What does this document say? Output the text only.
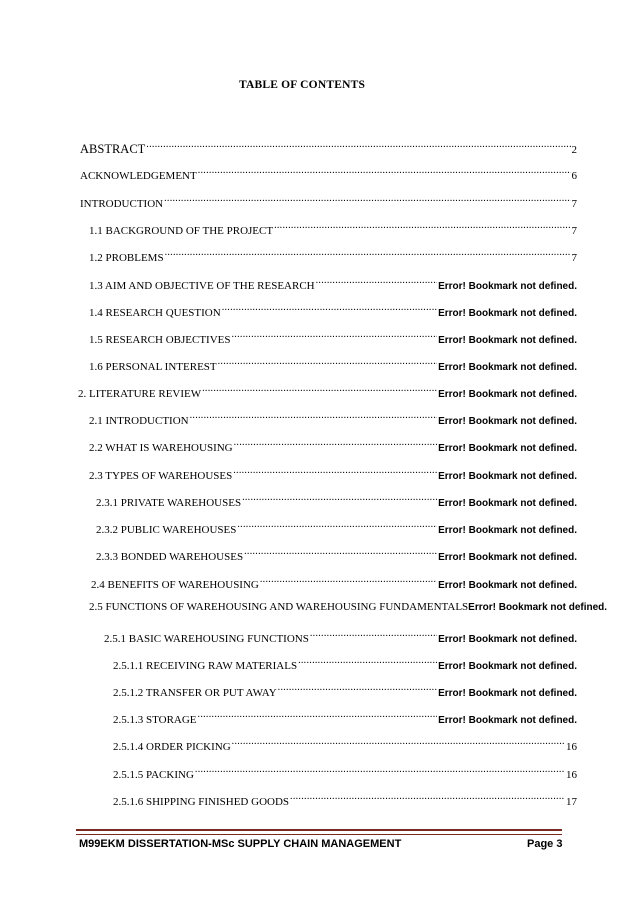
TABLE OF CONTENTS
ABSTRACT .....	2
ACKNOWLEDGEMENT .....	6
INTRODUCTION .....	7
1.1 BACKGROUND OF THE PROJECT .....	7
1.2 PROBLEMS .....	7
1.3 AIM AND OBJECTIVE OF THE RESEARCH .....	Error! Bookmark not defined.
1.4 RESEARCH QUESTION .....	Error! Bookmark not defined.
1.5 RESEARCH OBJECTIVES .....	Error! Bookmark not defined.
1.6 PERSONAL INTEREST .....	Error! Bookmark not defined.
2. LITERATURE REVIEW .....	Error! Bookmark not defined.
2.1 INTRODUCTION .....	Error! Bookmark not defined.
2.2 WHAT IS WAREHOUSING .....	Error! Bookmark not defined.
2.3 TYPES OF WAREHOUSES .....	Error! Bookmark not defined.
2.3.1 PRIVATE WAREHOUSES .....	Error! Bookmark not defined.
2.3.2 PUBLIC WAREHOUSES .....	Error! Bookmark not defined.
2.3.3 BONDED WAREHOUSES .....	Error! Bookmark not defined.
2.4 BENEFITS OF WAREHOUSING .....	Error! Bookmark not defined.
2.5 FUNCTIONS OF WAREHOUSING AND WAREHOUSING FUNDAMENTALS Error! Bookmark not defined.
2.5.1 BASIC WAREHOUSING FUNCTIONS .....	Error! Bookmark not defined.
2.5.1.1 RECEIVING RAW MATERIALS .....	Error! Bookmark not defined.
2.5.1.2 TRANSFER OR PUT AWAY .....	Error! Bookmark not defined.
2.5.1.3 STORAGE .....	Error! Bookmark not defined.
2.5.1.4 ORDER PICKING .....	16
2.5.1.5 PACKING .....	16
2.5.1.6 SHIPPING FINISHED GOODS .....	17
M99EKM DISSERTATION-MSc SUPPLY CHAIN MANAGEMENT	Page 3
